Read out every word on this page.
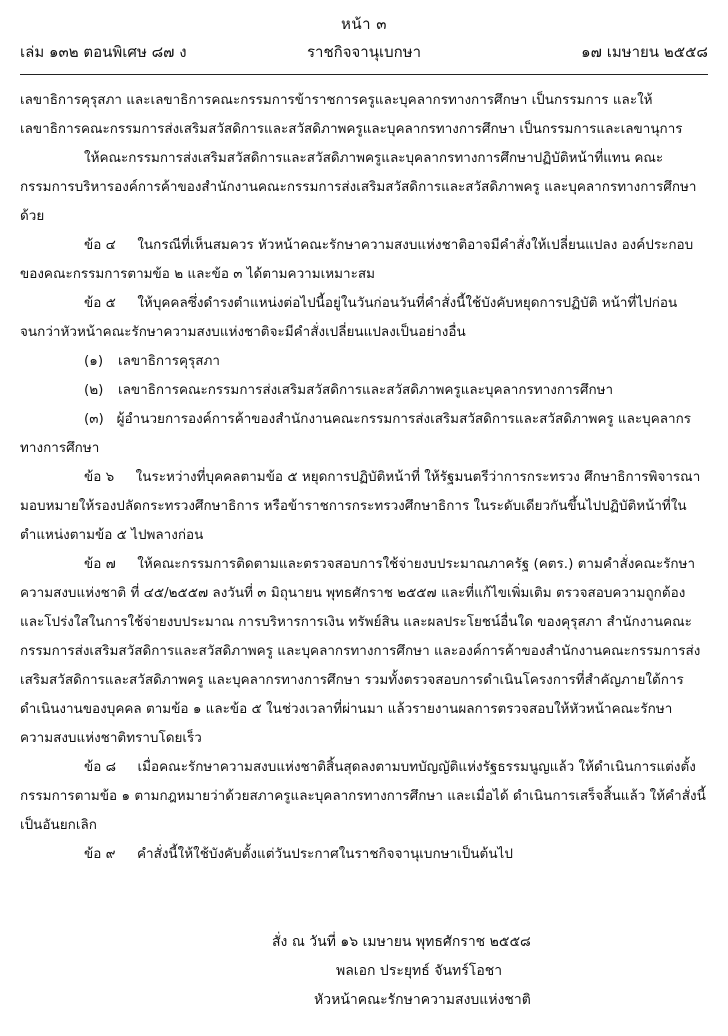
หน้า ๓
เล่ม ๑๓๒ ตอนพิเศษ ๘๗ ง	ราชกิจจานุเบกษา	๑๗ เมษายน ๒๕๕๘

เลขาธิการคุรุสภา และเลขาธิการคณะกรรมการข้าราชการครูและบุคลากรทางการศึกษา เป็นกรรมการ และให้เลขาธิการคณะกรรมการส่งเสริมสวัสดิการและสวัสดิภาพครูและบุคลากรทางการศึกษา เป็นกรรมการและเลขานุการ

ให้คณะกรรมการส่งเสริมสวัสดิการและสวัสดิภาพครูและบุคลากรทางการศึกษาปฏิบัติหน้าที่แทน คณะกรรมการบริหารองค์การค้าของสำนักงานคณะกรรมการส่งเสริมสวัสดิการและสวัสดิภาพครู และบุคลากรทางการศึกษาด้วย

ข้อ ๔ ในกรณีที่เห็นสมควร หัวหน้าคณะรักษาความสงบแห่งชาติอาจมีคำสั่งให้เปลี่ยนแปลง องค์ประกอบของคณะกรรมการตามข้อ ๒ และข้อ ๓ ได้ตามความเหมาะสม

ข้อ ๕ ให้บุคคลซึ่งดำรงตำแหน่งต่อไปนี้อยู่ในวันก่อนวันที่คำสั่งนี้ใช้บังคับหยุดการปฏิบัติ หน้าที่ไปก่อนจนกว่าหัวหน้าคณะรักษาความสงบแห่งชาติจะมีคำสั่งเปลี่ยนแปลงเป็นอย่างอื่น

(๑) เลขาธิการคุรุสภา

(๒) เลขาธิการคณะกรรมการส่งเสริมสวัสดิการและสวัสดิภาพครูและบุคลากรทางการศึกษา

(๓) ผู้อำนวยการองค์การค้าของสำนักงานคณะกรรมการส่งเสริมสวัสดิการและสวัสดิภาพครู และบุคลากรทางการศึกษา

ข้อ ๖ ในระหว่างที่บุคคลตามข้อ ๕ หยุดการปฏิบัติหน้าที่ ให้รัฐมนตรีว่าการกระทรวง ศึกษาธิการพิจารณามอบหมายให้รองปลัดกระทรวงศึกษาธิการ หรือข้าราชการกระทรวงศึกษาธิการ ในระดับเดียวกันขึ้นไปปฏิบัติหน้าที่ในตำแหน่งตามข้อ ๕ ไปพลางก่อน

ข้อ ๗ ให้คณะกรรมการติดตามและตรวจสอบการใช้จ่ายงบประมาณภาครัฐ (คตร.) ตามคำสั่งคณะรักษาความสงบแห่งชาติ ที่ ๔๕/๒๕๕๗ ลงวันที่ ๓ มิถุนายน พุทธศักราช ๒๕๕๗ และที่แก้ไขเพิ่มเติม ตรวจสอบความถูกต้องและโปร่งใสในการใช้จ่ายงบประมาณ การบริหารการเงิน ทรัพย์สิน และผลประโยชน์อื่นใด ของคุรุสภา สำนักงานคณะกรรมการส่งเสริมสวัสดิการและสวัสดิภาพครู และบุคลากรทางการศึกษา และองค์การค้าของสำนักงานคณะกรรมการส่งเสริมสวัสดิการและสวัสดิภาพครู และบุคลากรทางการศึกษา รวมทั้งตรวจสอบการดำเนินโครงการที่สำคัญภายใต้การดำเนินงานของบุคคล ตามข้อ ๑ และข้อ ๕ ในช่วงเวลาที่ผ่านมา แล้วรายงานผลการตรวจสอบให้หัวหน้าคณะรักษา ความสงบแห่งชาติทราบโดยเร็ว

ข้อ ๘ เมื่อคณะรักษาความสงบแห่งชาติสิ้นสุดลงตามบทบัญญัติแห่งรัฐธรรมนูญแล้ว ให้ดำเนินการแต่งตั้งกรรมการตามข้อ ๑ ตามกฎหมายว่าด้วยสภาครูและบุคลากรทางการศึกษา และเมื่อได้ ดำเนินการเสร็จสิ้นแล้ว ให้คำสั่งนี้เป็นอันยกเลิก

ข้อ ๙ คำสั่งนี้ให้ใช้บังคับตั้งแต่วันประกาศในราชกิจจานุเบกษาเป็นต้นไป

สั่ง ณ วันที่ ๑๖ เมษายน พุทธศักราช ๒๕๕๘
พลเอก ประยุทธ์ จันทร์โอชา
หัวหน้าคณะรักษาความสงบแห่งชาติ
